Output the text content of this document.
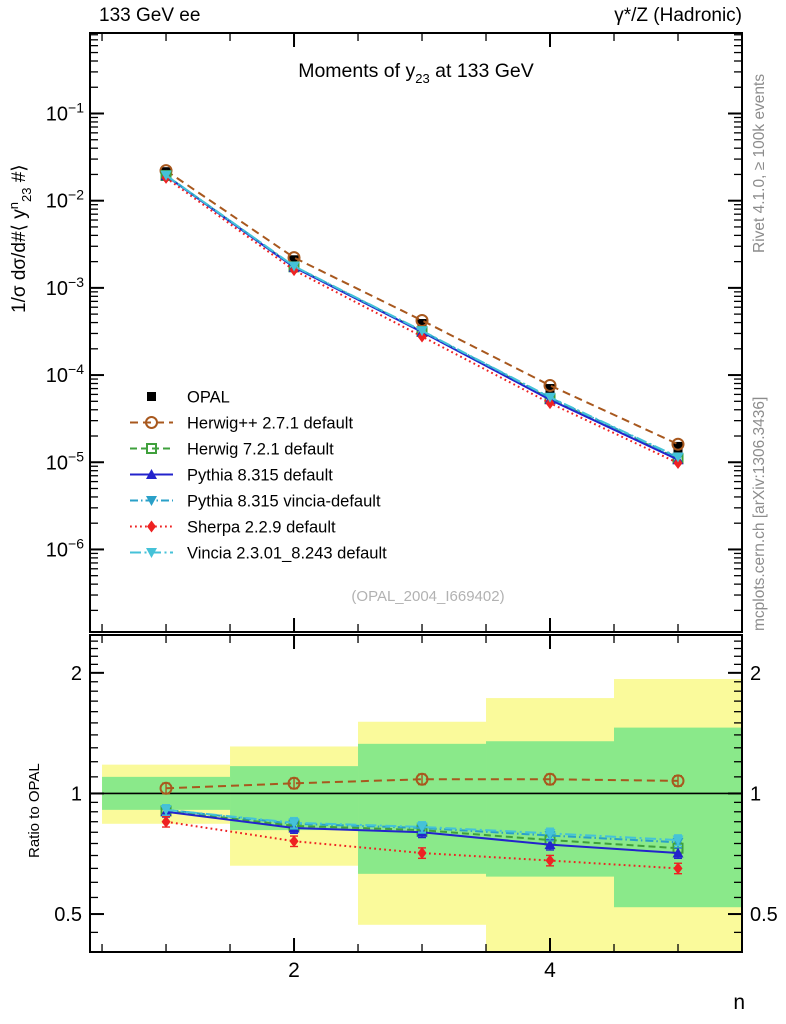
$10^{-1}$
$10^{-2}$
$10^{-3}$
$10^{-4}$
$10^{-5}$
$10^{-6}$
2	2
1	1
0.5	0.5
2	4
OPAL
Herwig++ 2.7.1 default
Herwig 7.2.1 default
Pythia 8.315 default
Pythia 8.315 vincia-default
Sherpa 2.2.9 default
Vincia 2.3.01_8.243 default
133 GeV ee	γ*/Z (Hadronic)
Moments of $y_{23}$ at 133 GeV
1/σ dσ/d#⟨ $y^n_{23}$ #⟩
Ratio to OPAL
Rivet 4.1.0, ≥ 100k events
mcplots.cern.ch [arXiv:1306.3436]
(OPAL_2004_I669402)
n
